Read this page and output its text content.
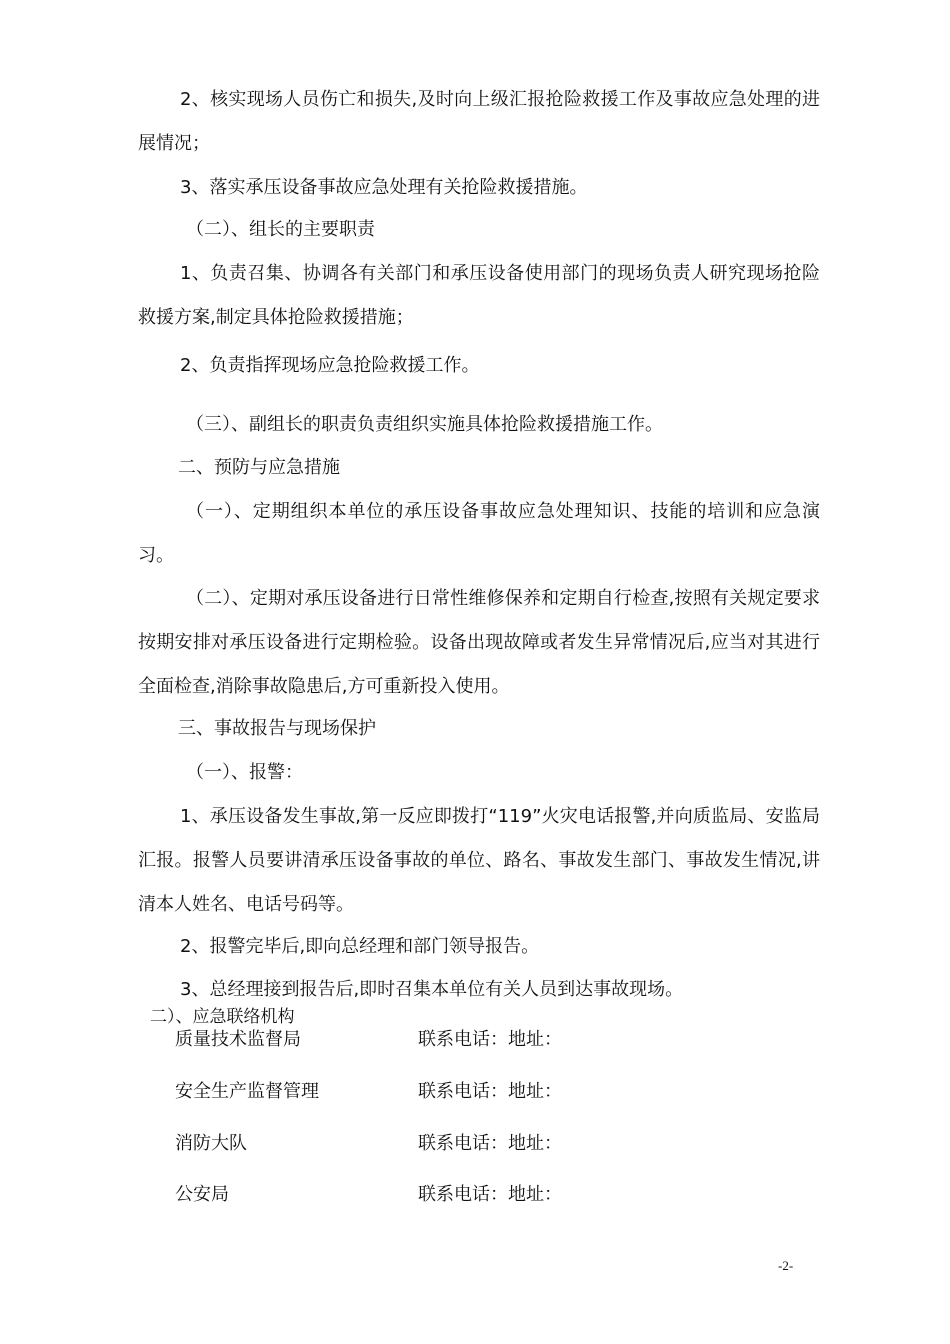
2、核实现场人员伤亡和损失,及时向上级汇报抢险救援工作及事故应急处理的进展情况；

3、落实承压设备事故应急处理有关抢险救援措施。

（二）、组长的主要职责

1、负责召集、协调各有关部门和承压设备使用部门的现场负责人研究现场抢险救援方案,制定具体抢险救援措施；

2、负责指挥现场应急抢险救援工作。

（三）、副组长的职责负责组织实施具体抢险救援措施工作。

二、预防与应急措施

（一）、定期组织本单位的承压设备事故应急处理知识、技能的培训和应急演习。

（二）、定期对承压设备进行日常性维修保养和定期自行检查,按照有关规定要求按期安排对承压设备进行定期检验。设备出现故障或者发生异常情况后,应当对其进行全面检查,消除事故隐患后,方可重新投入使用。

三、事故报告与现场保护

（一）、报警：

1、承压设备发生事故,第一反应即拨打“119”火灾电话报警,并向质监局、安监局汇报。报警人员要讲清承压设备事故的单位、路名、事故发生部门、事故发生情况,讲清本人姓名、电话号码等。

2、报警完毕后,即向总经理和部门领导报告。

3、总经理接到报告后,即时召集本单位有关人员到达事故现场。

二）、应急联络机构

质量技术监督局	联系电话：地址：
安全生产监督管理	联系电话：地址：
消防大队	联系电话：地址：
公安局	联系电话：地址：
-2-
